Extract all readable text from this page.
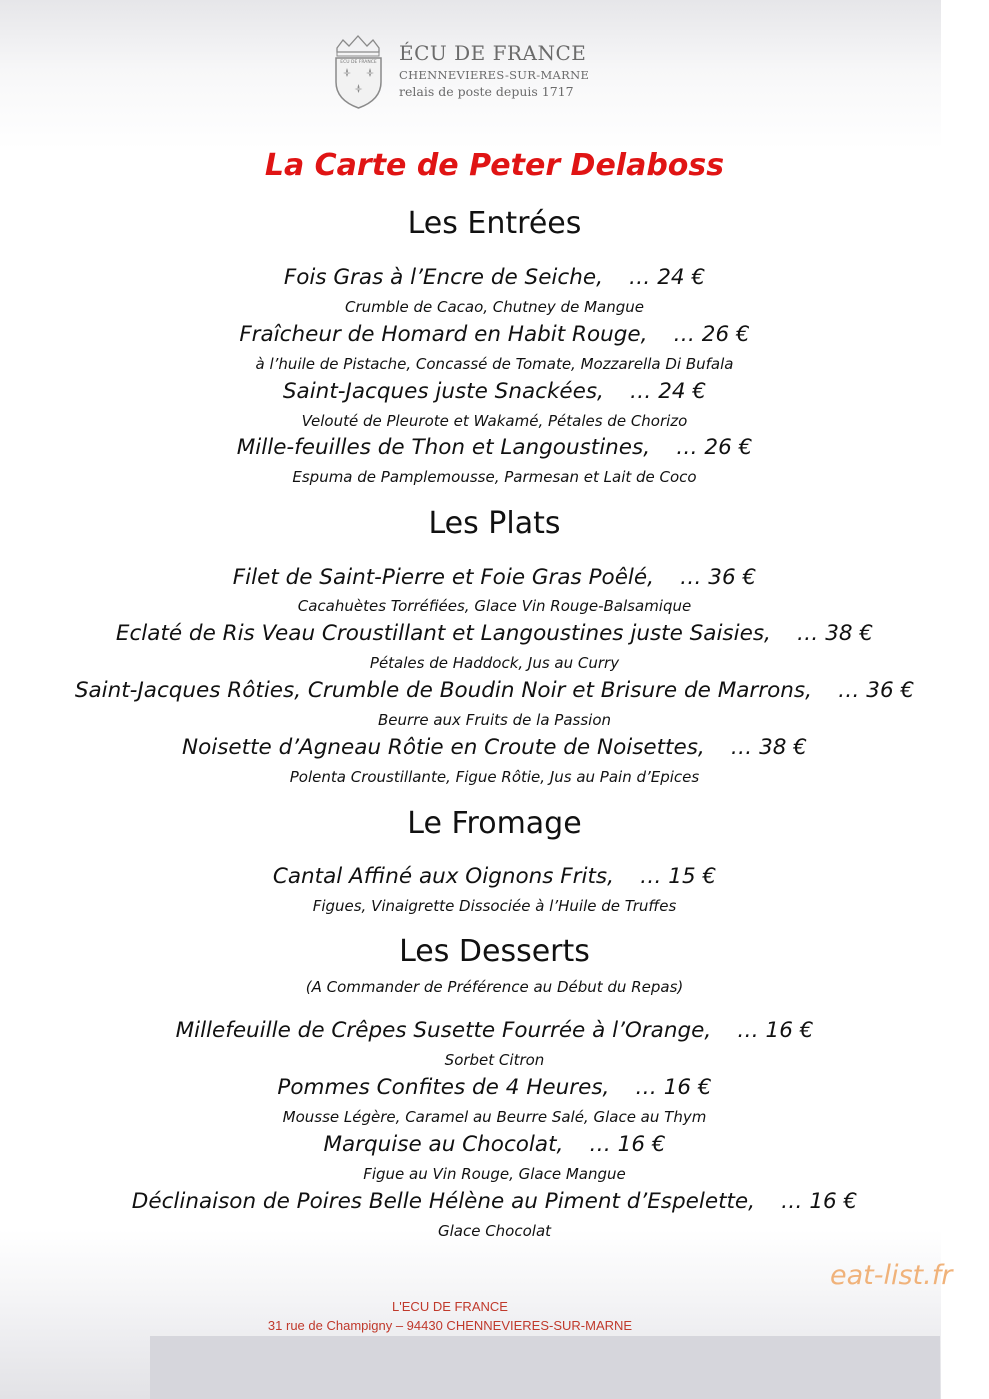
ECU DE FRANCE ÉCU DE FRANCE
CHENNEVIERES-SUR-MARNE
relais de poste depuis 1717
La Carte de Peter Delaboss
Les Entrées
Fois Gras à l’Encre de Seiche, … 24 €
Crumble de Cacao, Chutney de Mangue
Fraîcheur de Homard en Habit Rouge, … 26 €
à l’huile de Pistache, Concassé de Tomate, Mozzarella Di Bufala
Saint-Jacques juste Snackées, … 24 €
Velouté de Pleurote et Wakamé, Pétales de Chorizo
Mille-feuilles de Thon et Langoustines, … 26 €
Espuma de Pamplemousse, Parmesan et Lait de Coco
Les Plats
Filet de Saint-Pierre et Foie Gras Poêlé, … 36 €
Cacahuètes Torréfiées, Glace Vin Rouge-Balsamique
Eclaté de Ris Veau Croustillant et Langoustines juste Saisies, … 38 €
Pétales de Haddock, Jus au Curry
Saint-Jacques Rôties, Crumble de Boudin Noir et Brisure de Marrons, … 36 €
Beurre aux Fruits de la Passion
Noisette d’Agneau Rôtie en Croute de Noisettes, … 38 €
Polenta Croustillante, Figue Rôtie, Jus au Pain d’Epices
Le Fromage
Cantal Affiné aux Oignons Frits, … 15 €
Figues, Vinaigrette Dissociée à l’Huile de Truffes
Les Desserts
(A Commander de Préférence au Début du Repas)
Millefeuille de Crêpes Susette Fourrée à l’Orange, … 16 €
Sorbet Citron
Pommes Confites de 4 Heures, … 16 €
Mousse Légère, Caramel au Beurre Salé, Glace au Thym
Marquise au Chocolat, … 16 €
Figue au Vin Rouge, Glace Mangue
Déclinaison de Poires Belle Hélène au Piment d’Espelette, … 16 €
Glace Chocolat
eat-list.fr
L'ECU DE FRANCE
31 rue de Champigny – 94430 CHENNEVIERES-SUR-MARNE
